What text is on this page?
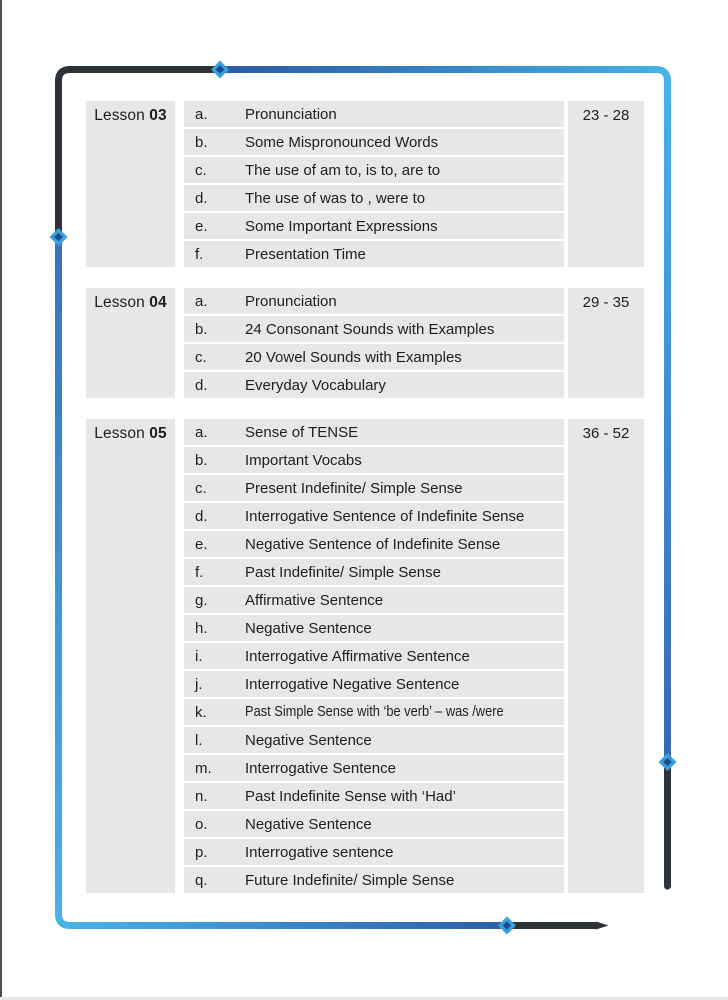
Lesson 03	a.	Pronunciation
b.	Some Mispronounced Words
c.	The use of am to, is to, are to
d.	The use of was to , were to
e.	Some Important Expressions
f.	Presentation Time
23 - 28
Lesson 04	a.	Pronunciation
b.	24 Consonant Sounds with Examples
c.	20 Vowel Sounds with Examples
d.	Everyday Vocabulary
29 - 35
Lesson 05	a.	Sense of TENSE
b.	Important Vocabs
c.	Present Indefinite/ Simple Sense
d.	Interrogative Sentence of Indefinite Sense
e.	Negative Sentence of Indefinite Sense
f.	Past Indefinite/ Simple Sense
g.	Affirmative Sentence
h.	Negative Sentence
i.	Interrogative Affirmative Sentence
j.	Interrogative Negative Sentence
k.	Past Simple Sense with ‘be verb’ – was /were
l.	Negative Sentence
m.	Interrogative Sentence
n.	Past Indefinite Sense with ‘Had’
o.	Negative Sentence
p.	Interrogative sentence
q.	Future Indefinite/ Simple Sense
36 - 52
